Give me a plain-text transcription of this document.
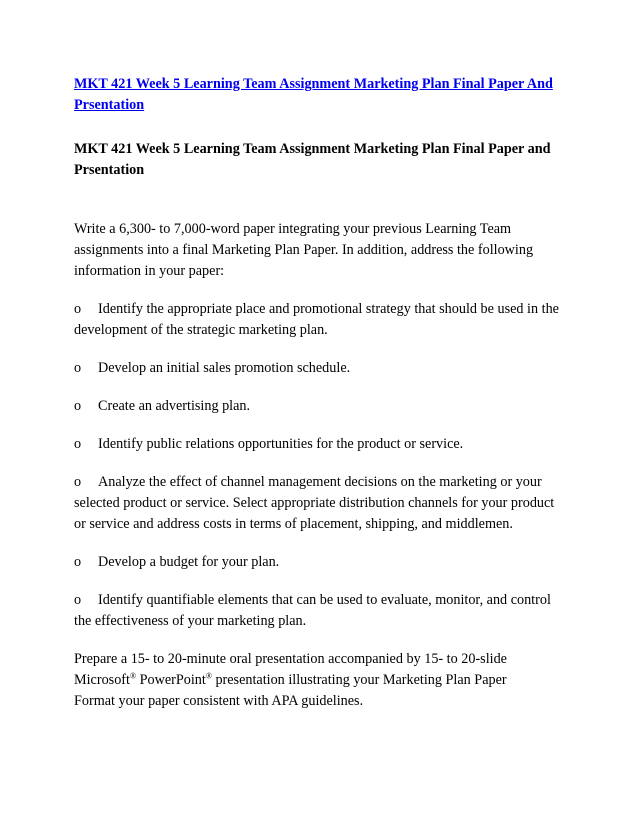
MKT 421 Week 5 Learning Team Assignment Marketing Plan Final Paper And Prsentation
MKT 421 Week 5 Learning Team Assignment Marketing Plan Final Paper and Prsentation

Write a 6,300- to 7,000-word paper integrating your previous Learning Team assignments into a final Marketing Plan Paper. In addition, address the following information in your paper:

o Identify the appropriate place and promotional strategy that should be used in the development of the strategic marketing plan.

o Develop an initial sales promotion schedule.

o Create an advertising plan.

o Identify public relations opportunities for the product or service.

o Analyze the effect of channel management decisions on the marketing or your selected product or service. Select appropriate distribution channels for your product or service and address costs in terms of placement, shipping, and middlemen.

o Develop a budget for your plan.

o Identify quantifiable elements that can be used to evaluate, monitor, and control the effectiveness of your marketing plan.

Prepare a 15- to 20-minute oral presentation accompanied by 15- to 20-slide Microsoft® PowerPoint® presentation illustrating your Marketing Plan Paper
Format your paper consistent with APA guidelines.
